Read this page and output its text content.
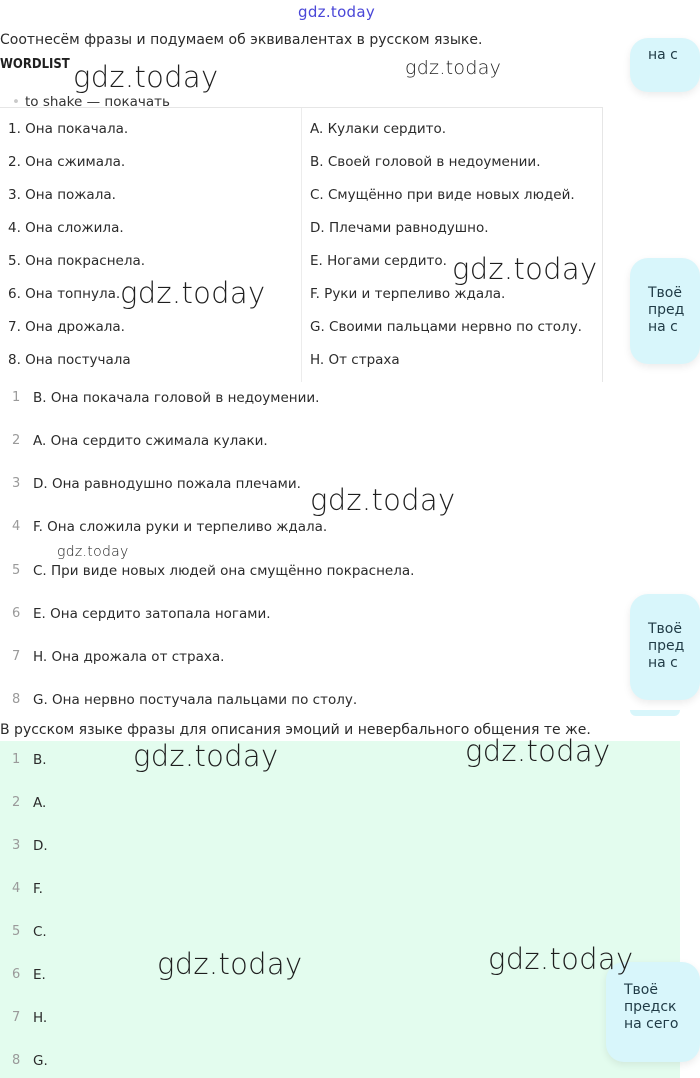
gdz.today
Соотнесём фразы и подумаем об эквивалентах в русском языке.
WORDLIST
• to shake — покачать
1. Она покачала.	A. Кулаки сердито.
2. Она сжимала.	B. Своей головой в недоумении.
3. Она пожала.	C. Смущённо при виде новых людей.
4. Она сложила.	D. Плечами равнодушно.
5. Она покраснела.	E. Ногами сердито.
6. Она топнула.	F. Руки и терпеливо ждала.
7. Она дрожала.	G. Своими пальцами нервно по столу.
8. Она постучала	H. От страха
1 B. Она покачала головой в недоумении.
2 A. Она сердито сжимала кулаки.
3 D. Она равнодушно пожала плечами.
4 F. Она сложила руки и терпеливо ждала.
5 C. При виде новых людей она смущённо покраснела.
6 E. Она сердито затопала ногами.
7 H. Она дрожала от страха.
8 G. Она нервно постучала пальцами по столу.
В русском языке фразы для описания эмоций и невербального общения те же.
1 B.
2 A.
3 D.
4 F.
5 C.
6 E.
7 H.
8 G.
на с
Твоё
пред
на с
Твоё
пред
на с
Твоё
предск
на сего
gdz.today	gdz.today
gdz.today
gdz.today
gdz.today
gdz.today
gdz.today	gdz.today
gdz.today	gdz.today
